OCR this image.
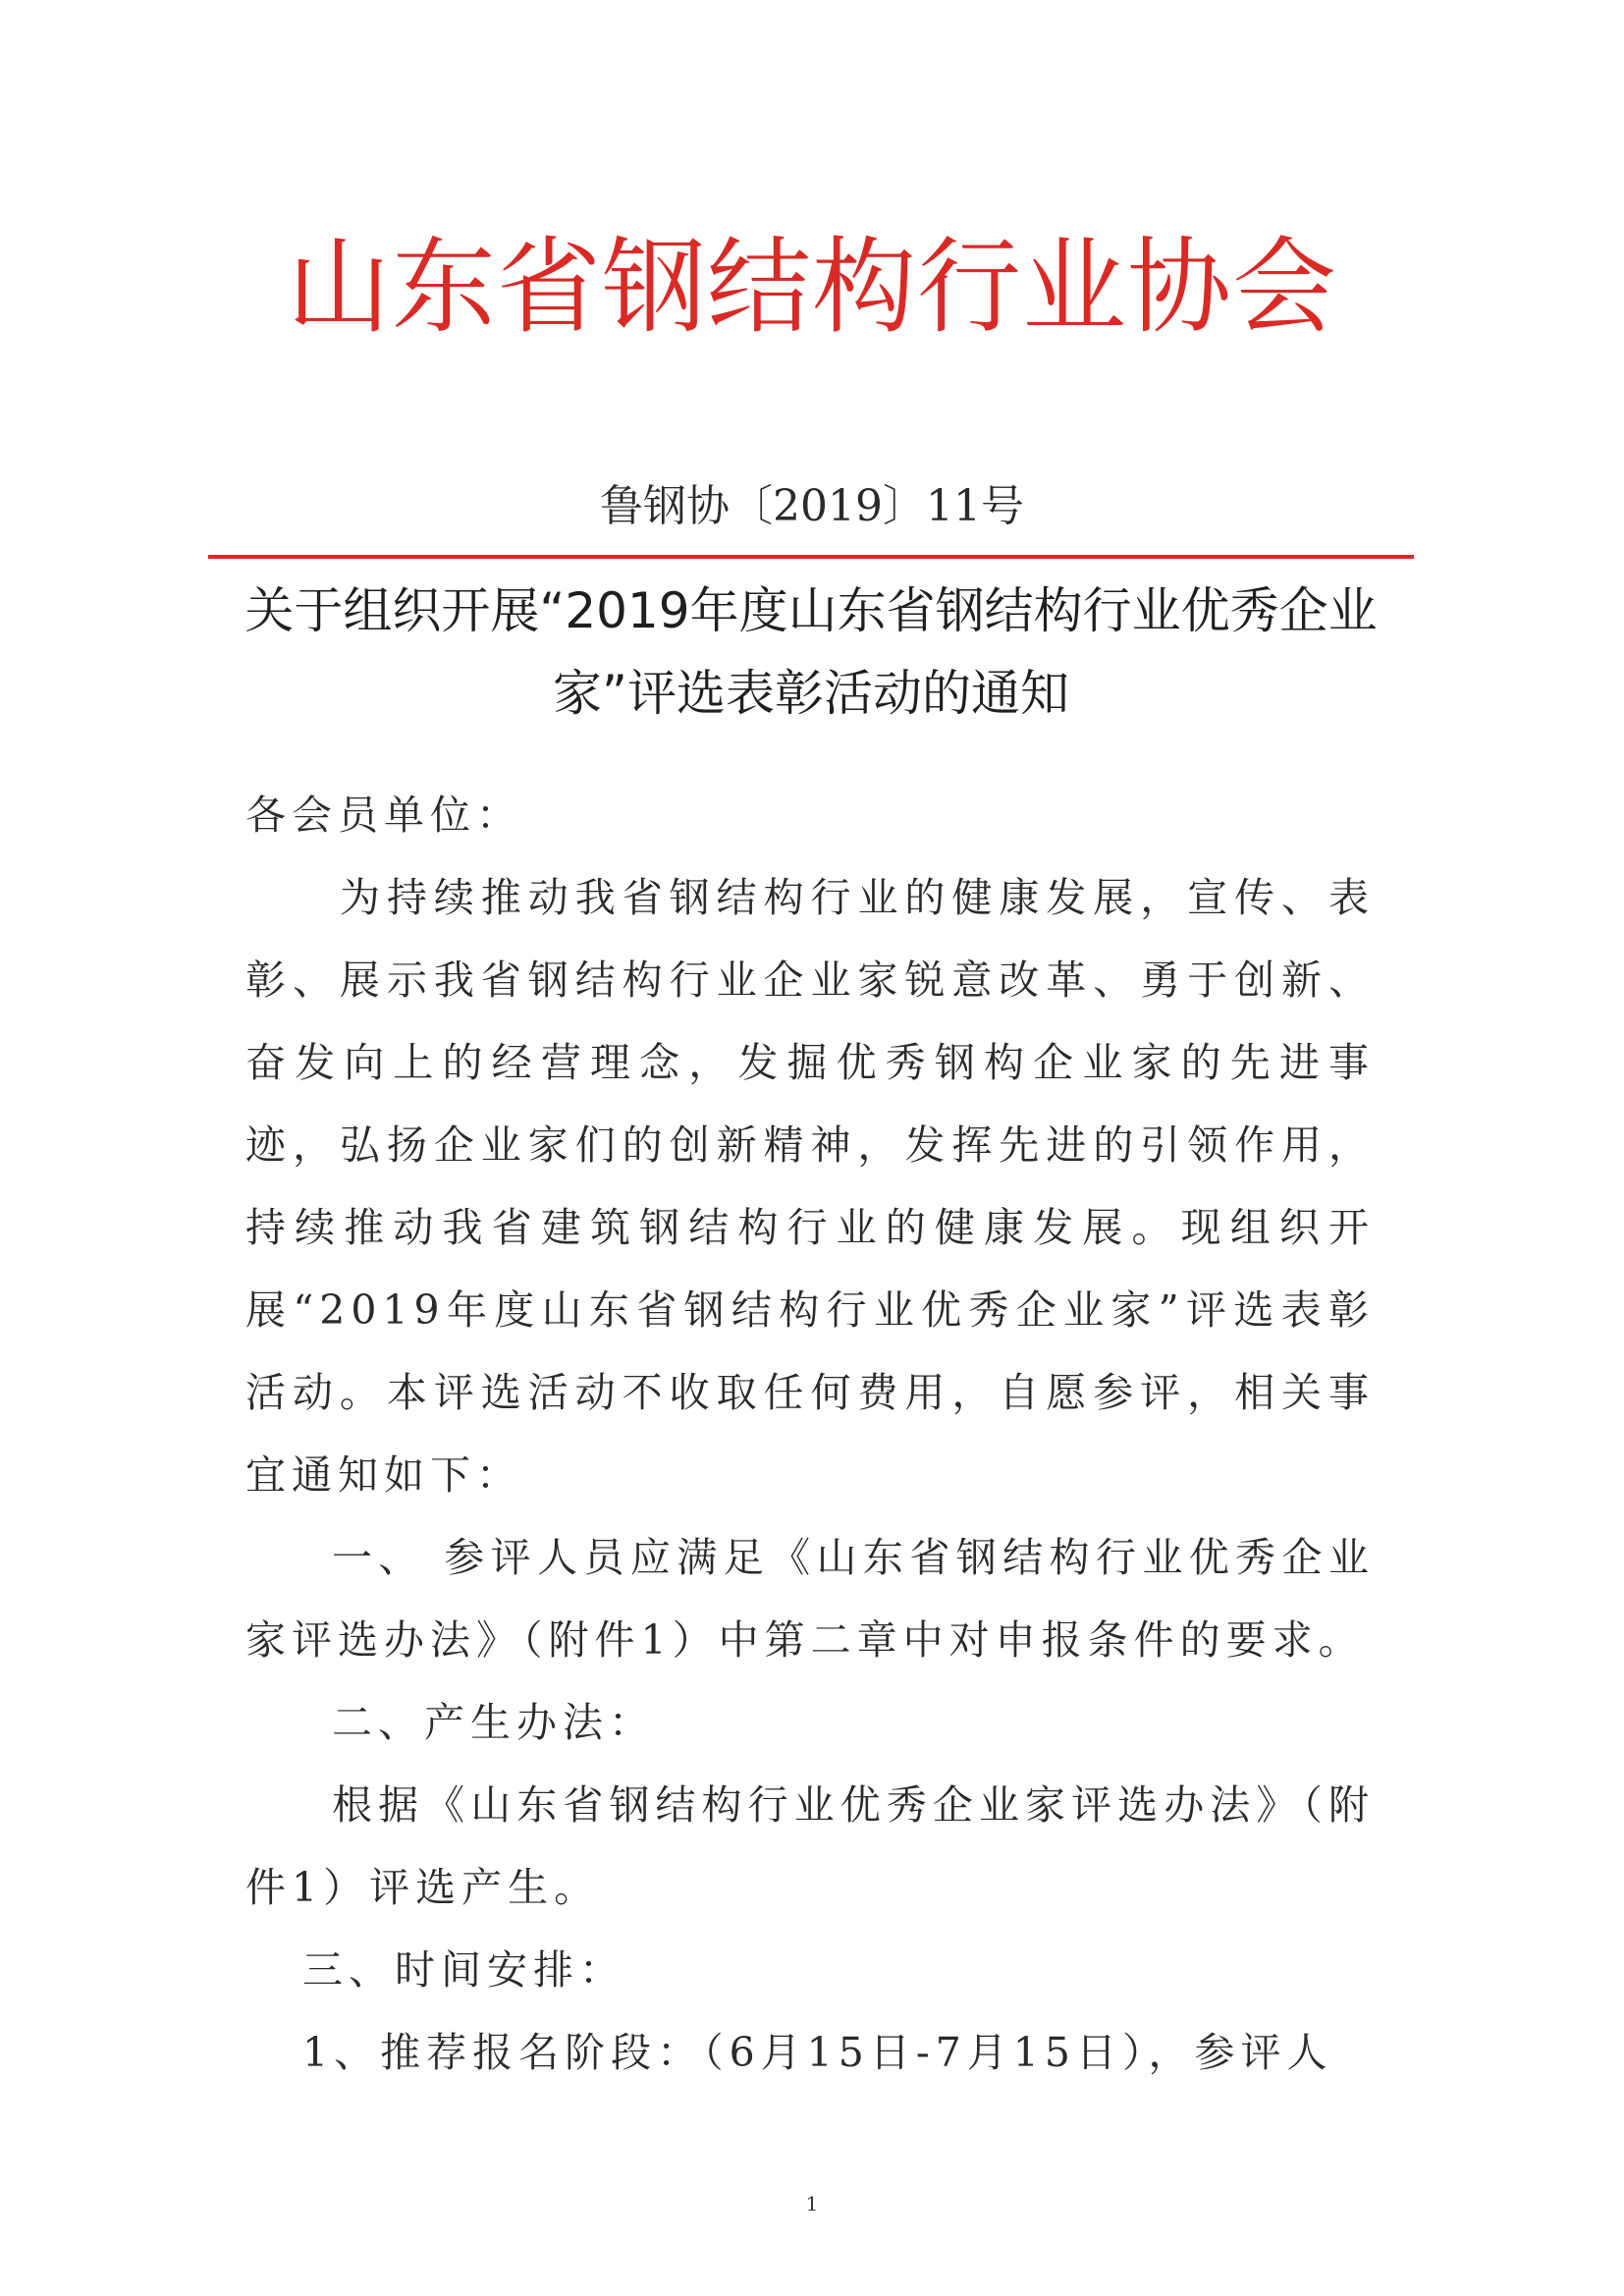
山东省钢结构行业协会
鲁钢协〔2019〕11号
关于组织开展“2019年度山东省钢结构行业优秀企业
家”评选表彰活动的通知

各会员单位：

为持续推动我省钢结构行业的健康发展，宣传、表彰、展示我省钢结构行业企业家锐意改革、勇于创新、奋发向上的经营理念，发掘优秀钢构企业家的先进事迹，弘扬企业家们的创新精神，发挥先进的引领作用，持续推动我省建筑钢结构行业的健康发展。现组织开展“2019年度山东省钢结构行业优秀企业家”评选表彰活动。本评选活动不收取任何费用，自愿参评，相关事宜通知如下：

一、 参评人员应满足《山东省钢结构行业优秀企业家评选办法》（附件1）中第二章中对申报条件的要求。

二、产生办法：

根据《山东省钢结构行业优秀企业家评选办法》（附件1）评选产生。

三、时间安排：

1、推荐报名阶段：（6月15日-7月15日），参评人

1
